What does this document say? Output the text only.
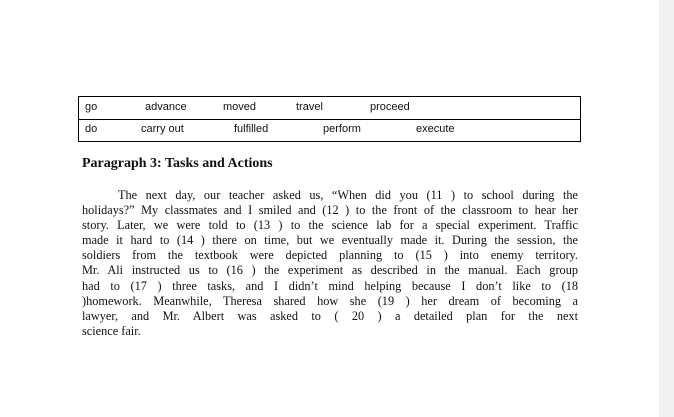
go	advance	moved	travel	proceed
do	carry out	fulfilled	perform	execute
Paragraph 3: Tasks and Actions
The next day, our teacher asked us, “When did you (11 ) to school during the
holidays?” My classmates and I smiled and (12 ) to the front of the classroom to hear her
story. Later, we were told to (13 ) to the science lab for a special experiment. Traffic
made it hard to (14 ) there on time, but we eventually made it. During the session, the
soldiers from the textbook were depicted planning to (15 ) into enemy territory.
Mr. Ali instructed us to (16 ) the experiment as described in the manual. Each group
had to (17 ) three tasks, and I didn’t mind helping because I don’t like to (18
)homework. Meanwhile, Theresa shared how she (19 ) her dream of becoming a
lawyer, and Mr. Albert was asked to ( 20 ) a detailed plan for the next
science fair.
